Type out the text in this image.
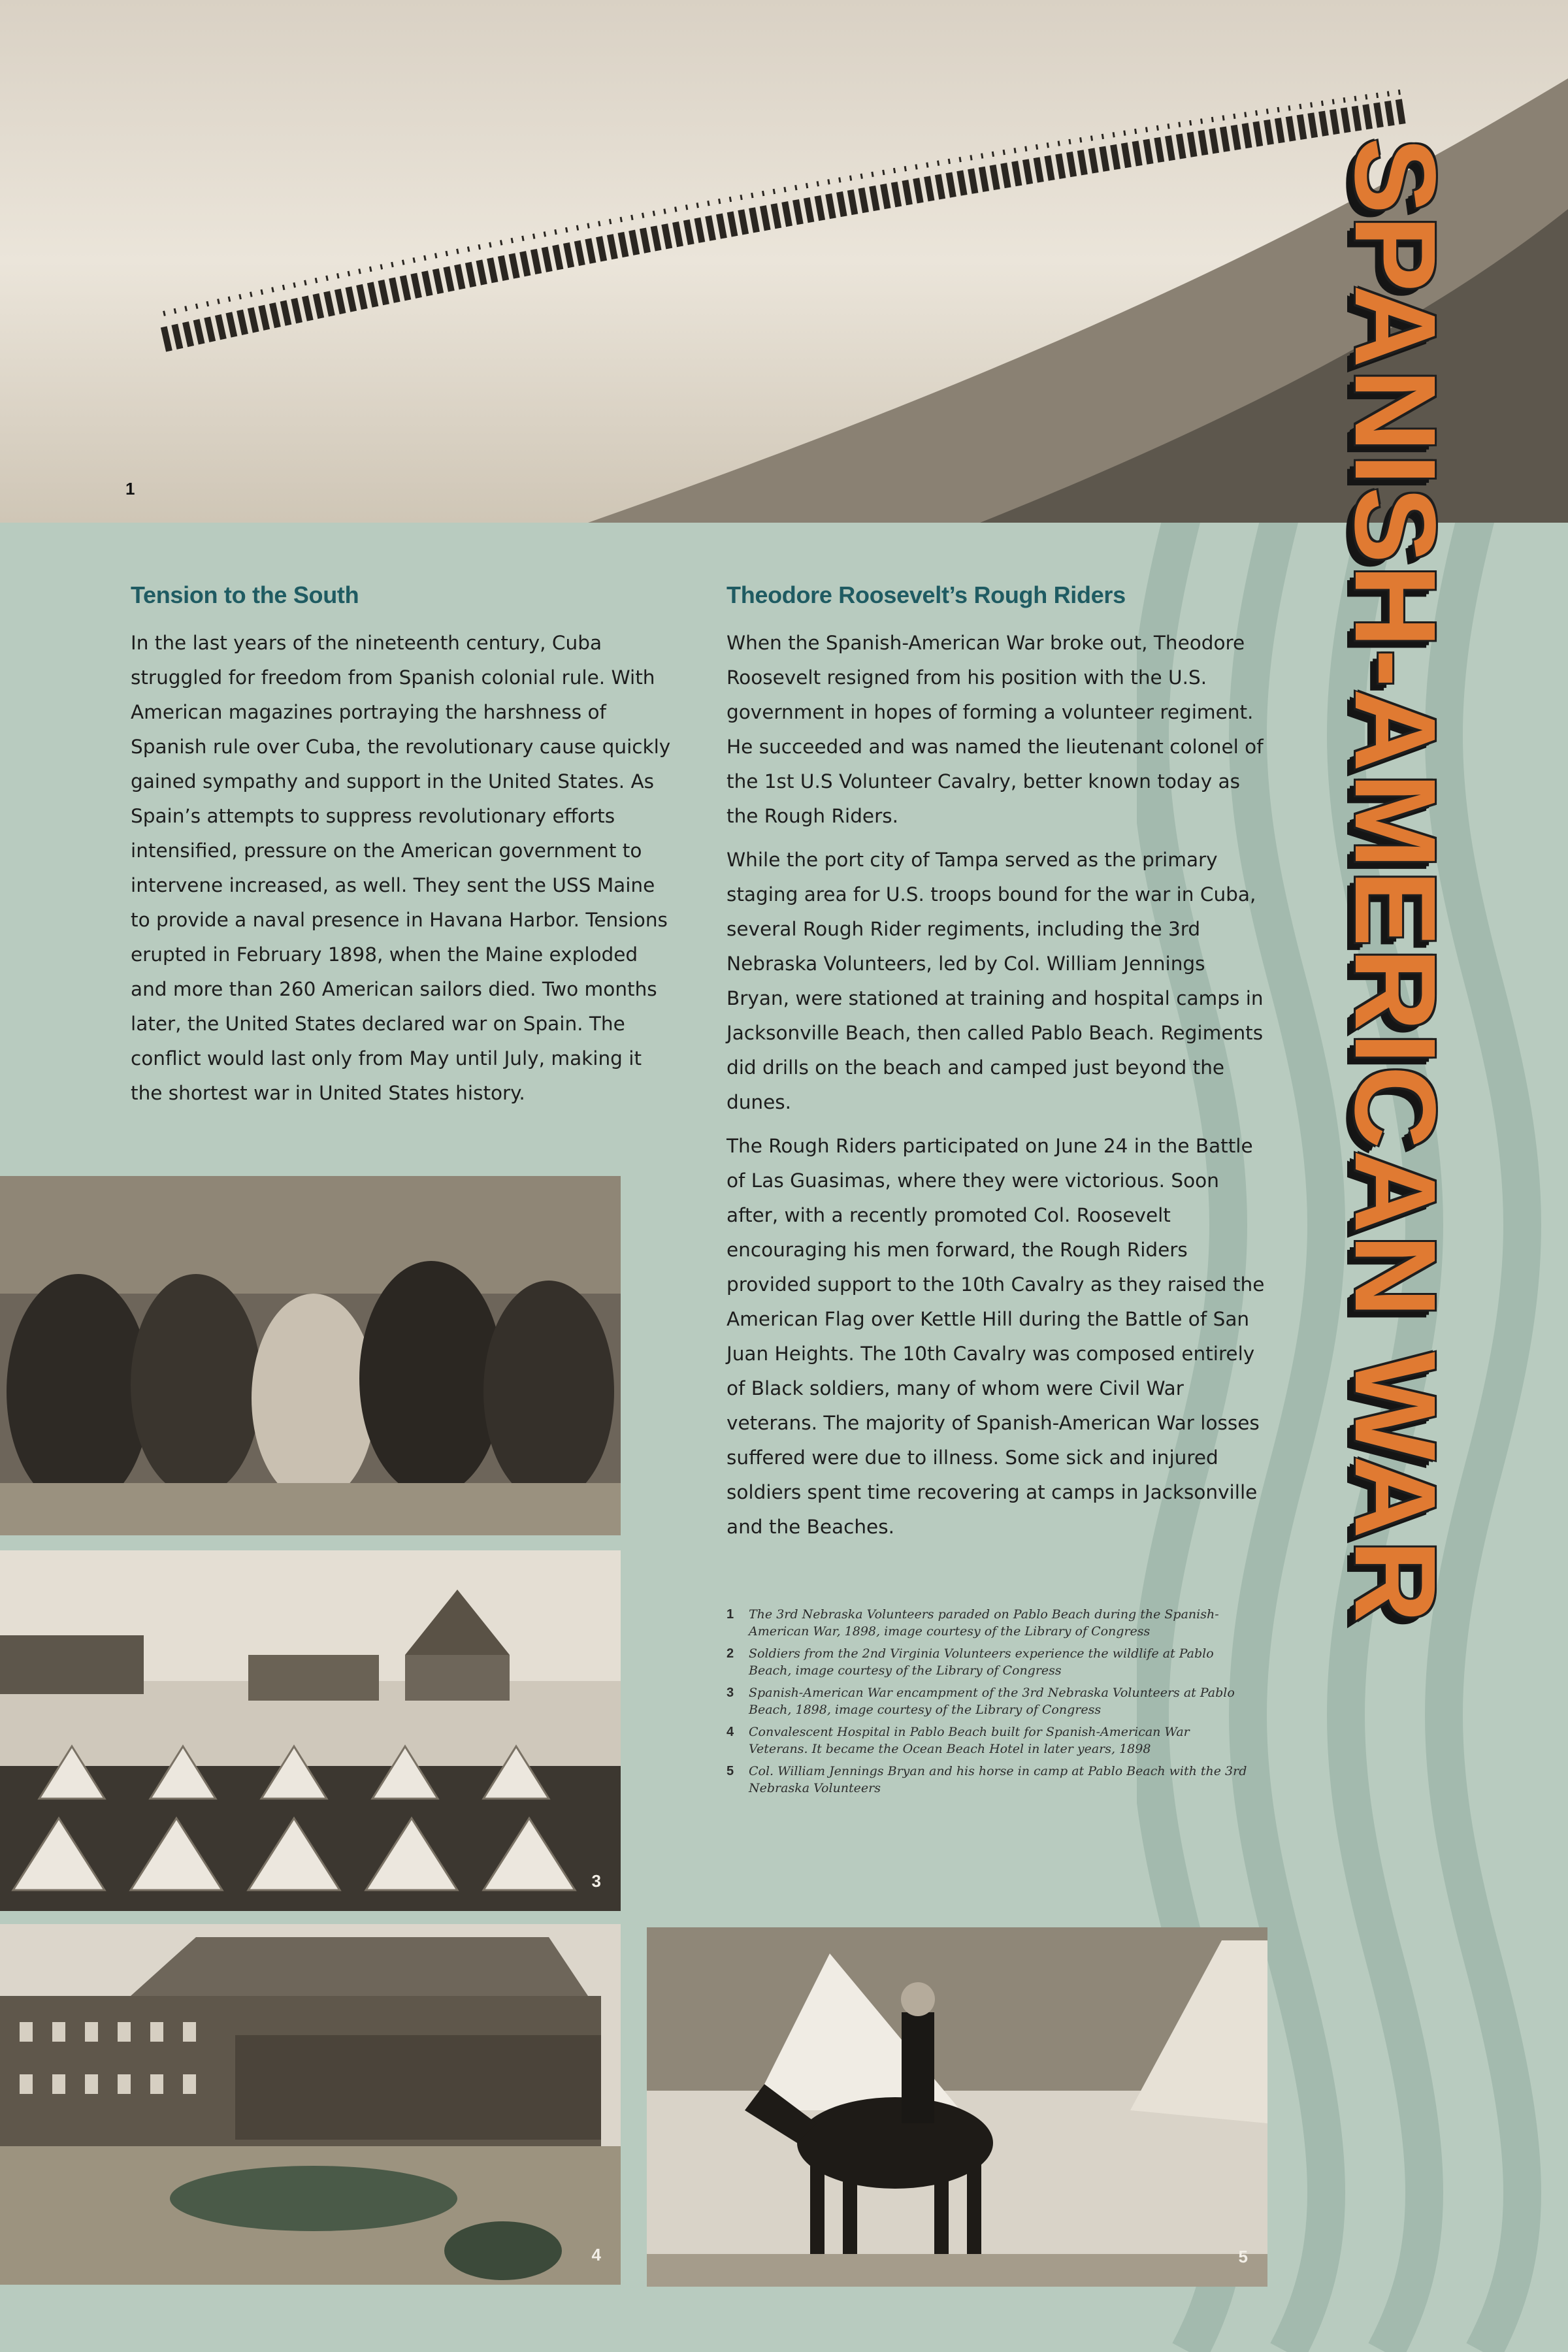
1
3
4	5
Tension to the South

In the last years of the nineteenth century, Cuba struggled for freedom from Spanish colonial rule. With American magazines portraying the harshness of Spanish rule over Cuba, the revolutionary cause quickly gained sympathy and support in the United States. As Spain’s attempts to suppress revolutionary efforts intensified, pressure on the American government to intervene increased, as well. They sent the USS Maine to provide a naval presence in Havana Harbor. Tensions erupted in February 1898, when the Maine exploded and more than 260 American sailors died. Two months later, the United States declared war on Spain. The conflict would last only from May until July, making it the shortest war in United States history.

Theodore Roosevelt’s Rough Riders

When the Spanish-American War broke out, Theodore Roosevelt resigned from his position with the U.S. government in hopes of forming a volunteer regiment. He succeeded and was named the lieutenant colonel of the 1st U.S Volunteer Cavalry, better known today as the Rough Riders.

While the port city of Tampa served as the primary staging area for U.S. troops bound for the war in Cuba, several Rough Rider regiments, including the 3rd Nebraska Volunteers, led by Col. William Jennings Bryan, were stationed at training and hospital camps in Jacksonville Beach, then called Pablo Beach. Regiments did drills on the beach and camped just beyond the dunes.

The Rough Riders participated on June 24 in the Battle of Las Guasimas, where they were victorious. Soon after, with a recently promoted Col. Roosevelt encouraging his men forward, the Rough Riders provided support to the 10th Cavalry as they raised the American Flag over Kettle Hill during the Battle of San Juan Heights. The 10th Cavalry was composed entirely of Black soldiers, many of whom were Civil War veterans. The majority of Spanish-American War losses suffered were due to illness. Some sick and injured soldiers spent time recovering at camps in Jacksonville and the Beaches.

1	The 3rd Nebraska Volunteers paraded on Pablo Beach during the Spanish-American War, 1898, image courtesy of the Library of Congress
2	Soldiers from the 2nd Virginia Volunteers experience the wildlife at Pablo Beach, image courtesy of the Library of Congress
3	Spanish-American War encampment of the 3rd Nebraska Volunteers at Pablo Beach, 1898, image courtesy of the Library of Congress
4	Convalescent Hospital in Pablo Beach built for Spanish-American War Veterans. It became the Ocean Beach Hotel in later years, 1898
5	Col. William Jennings Bryan and his horse in camp at Pablo Beach with the 3rd Nebraska Volunteers
SPANISH-AMERICAN WAR
